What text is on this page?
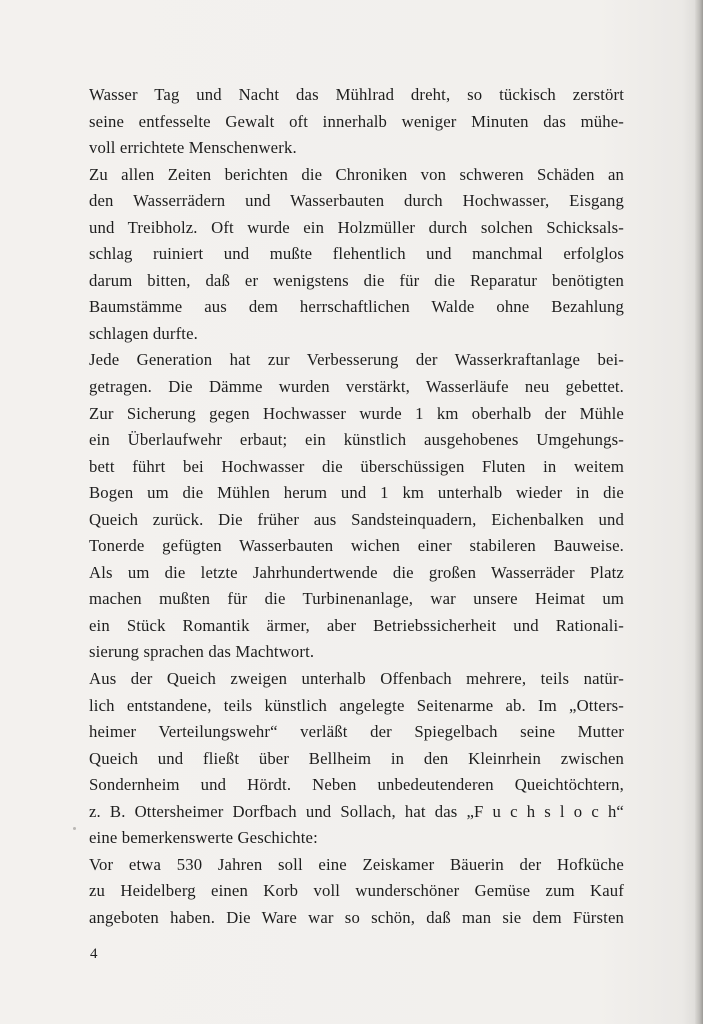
Wasser Tag und Nacht das Mühlrad dreht, so tückisch zerstört
seine entfesselte Gewalt oft innerhalb weniger Minuten das mühe-
voll errichtete Menschenwerk.
Zu allen Zeiten berichten die Chroniken von schweren Schäden an
den Wasserrädern und Wasserbauten durch Hochwasser, Eisgang
und Treibholz. Oft wurde ein Holzmüller durch solchen Schicksals-
schlag ruiniert und mußte flehentlich und manchmal erfolglos
darum bitten, daß er wenigstens die für die Reparatur benötigten
Baumstämme aus dem herrschaftlichen Walde ohne Bezahlung
schlagen durfte.
Jede Generation hat zur Verbesserung der Wasserkraftanlage bei-
getragen. Die Dämme wurden verstärkt, Wasserläufe neu gebettet.
Zur Sicherung gegen Hochwasser wurde 1 km oberhalb der Mühle
ein Überlaufwehr erbaut; ein künstlich ausgehobenes Umgehungs-
bett führt bei Hochwasser die überschüssigen Fluten in weitem
Bogen um die Mühlen herum und 1 km unterhalb wieder in die
Queich zurück. Die früher aus Sandsteinquadern, Eichenbalken und
Tonerde gefügten Wasserbauten wichen einer stabileren Bauweise.
Als um die letzte Jahrhundertwende die großen Wasserräder Platz
machen mußten für die Turbinenanlage, war unsere Heimat um
ein Stück Romantik ärmer, aber Betriebssicherheit und Rationali-
sierung sprachen das Machtwort.
Aus der Queich zweigen unterhalb Offenbach mehrere, teils natür-
lich entstandene, teils künstlich angelegte Seitenarme ab. Im „Otters-
heimer Verteilungswehr“ verläßt der Spiegelbach seine Mutter
Queich und fließt über Bellheim in den Kleinrhein zwischen
Sondernheim und Hördt. Neben unbedeutenderen Queichtöchtern,
z. B. Ottersheimer Dorfbach und Sollach, hat das „F u c h s l o c h“
eine bemerkenswerte Geschichte:
Vor etwa 530 Jahren soll eine Zeiskamer Bäuerin der Hofküche
zu Heidelberg einen Korb voll wunderschöner Gemüse zum Kauf
angeboten haben. Die Ware war so schön, daß man sie dem Fürsten
4
